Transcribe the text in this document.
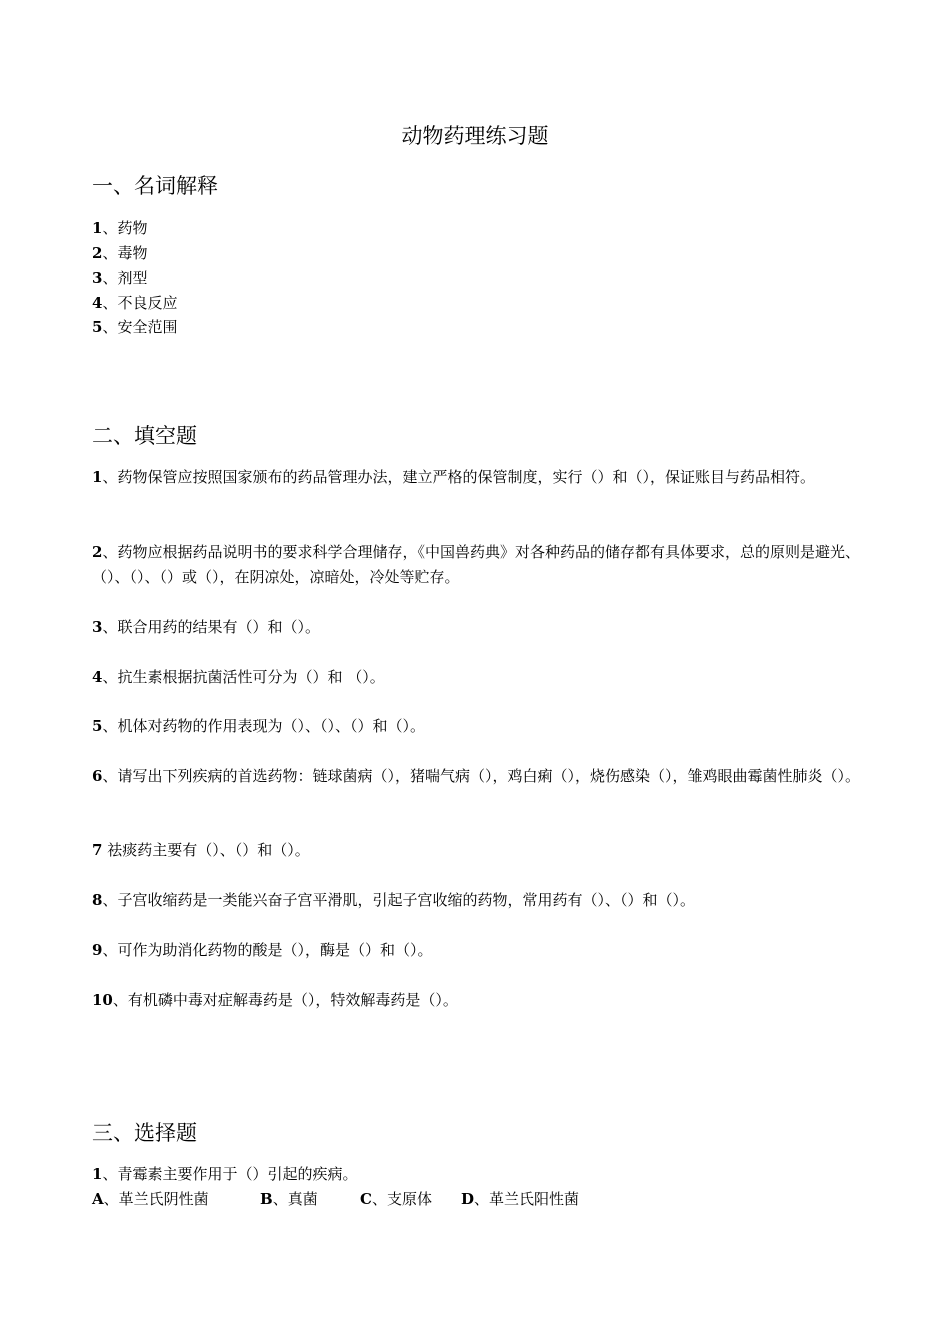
动物药理练习题
一、名词解释
1、药物
2、毒物
3、剂型
4、不良反应
5、安全范围
二、填空题
1、药物保管应按照国家颁布的药品管理办法，建立严格的保管制度，实行（）和（），保证账目与药品相符。
2、药物应根据药品说明书的要求科学合理储存，《中国兽药典》对各种药品的储存都有具体要求，总的原则是避光、（）、（）、（）或（），在阴凉处，凉暗处，冷处等贮存。
3、联合用药的结果有（）和（）。
4、抗生素根据抗菌活性可分为（）和 （）。
5、机体对药物的作用表现为（）、（）、（）和（）。
6、请写出下列疾病的首选药物：链球菌病（），猪喘气病（），鸡白痢（），烧伤感染（），雏鸡眼曲霉菌性肺炎（）。
7 祛痰药主要有（）、（）和（）。
8、子宫收缩药是一类能兴奋子宫平滑肌，引起子宫收缩的药物，常用药有（）、（）和（）。
9、可作为助消化药物的酸是（），酶是（）和（）。
10、有机磷中毒对症解毒药是（），特效解毒药是（）。
三、选择题
1、青霉素主要作用于（）引起的疾病。
A、革兰氏阴性菌	B、真菌	C、支原体 D、革兰氏阳性菌
